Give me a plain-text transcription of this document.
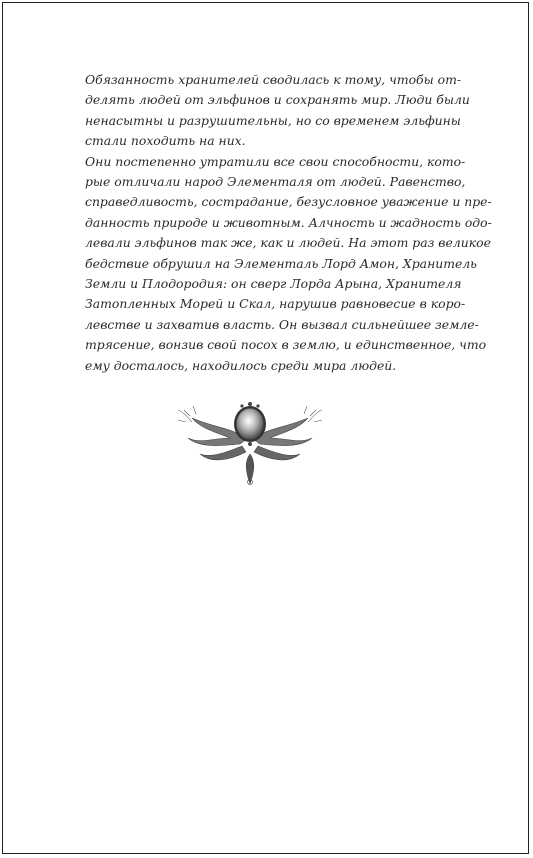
Обязанность хранителей сводилась к тому, чтобы от-
делять людей от эльфинов и сохранять мир. Люди были
ненасытны и разрушительны, но со временем эльфины
стали походить на них.

Они постепенно утратили все свои способности, кото-
рые отличали народ Элементаля от людей. Равенство,
справедливость, сострадание, безусловное уважение и пре-
данность природе и животным. Алчность и жадность одо-
левали эльфинов так же, как и людей. На этот раз великое
бедствие обрушил на Элементаль Лорд Амон, Хранитель
Земли и Плодородия: он сверг Лорда Арына, Хранителя
Затопленных Морей и Скал, нарушив равновесие в коро-
левстве и захватив власть. Он вызвал сильнейшее земле-
трясение, вонзив свой посох в землю, и единственное, что
ему досталось, находилось среди мира людей.
